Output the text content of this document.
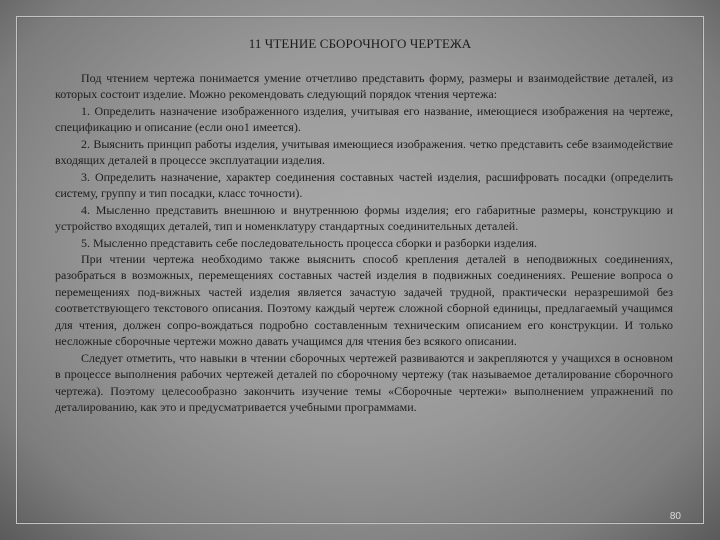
11 ЧТЕНИЕ СБОРОЧНОГО ЧЕРТЕЖА

Под чтением чертежа понимается умение отчетливо представить форму, размеры и взаимодействие деталей, из которых состоит изделие. Можно рекомендовать следующий порядок чтения чертежа:

1. Определить назначение изображенного изделия, учитывая его название, имеющиеся изображения на чертеже, спецификацию и описание (если оно1 имеется).

2. Выяснить принцип работы изделия, учитывая имеющиеся изображения. четко представить себе взаимодействие входящих деталей в процессе эксплуатации изделия.

3. Определить назначение, характер соединения составных частей изделия, расшифровать посадки (определить систему, группу и тип посадки, класс точности).

4. Мысленно представить внешнюю и внутреннюю формы изделия; его габаритные размеры, конструкцию и устройство входящих деталей, тип и номенклатуру стандартных соединительных деталей.

5. Мысленно представить себе последовательность процесса сборки и разборки изделия.

При чтении чертежа необходимо также выяснить способ крепления деталей в неподвижных соединениях, разобраться в возможных, перемещениях составных частей изделия в подвижных соединениях. Решение вопроса о перемещениях под-вижных частей изделия является зачастую задачей трудной, практически неразрешимой без соответствующего текстового описания. Поэтому каждый чертеж сложной сборной единицы, предлагаемый учащимся для чтения, должен сопро-вождаться подробно составленным техническим описанием его конструкции. И только несложные сборочные чертежи можно давать учащимся для чтения без всякого описании.

Следует отметить, что навыки в чтении сборочных чертежей развиваются и закрепляются у учащихся в основном в процессе выполнения рабочих чертежей деталей по сборочному чертежу (так называемое деталирование сборочного чертежа). Поэтому целесообразно закончить изучение темы «Сборочные чертежи» выполнением упражнений по деталированию, как это и предусматривается учебными программами.

80
